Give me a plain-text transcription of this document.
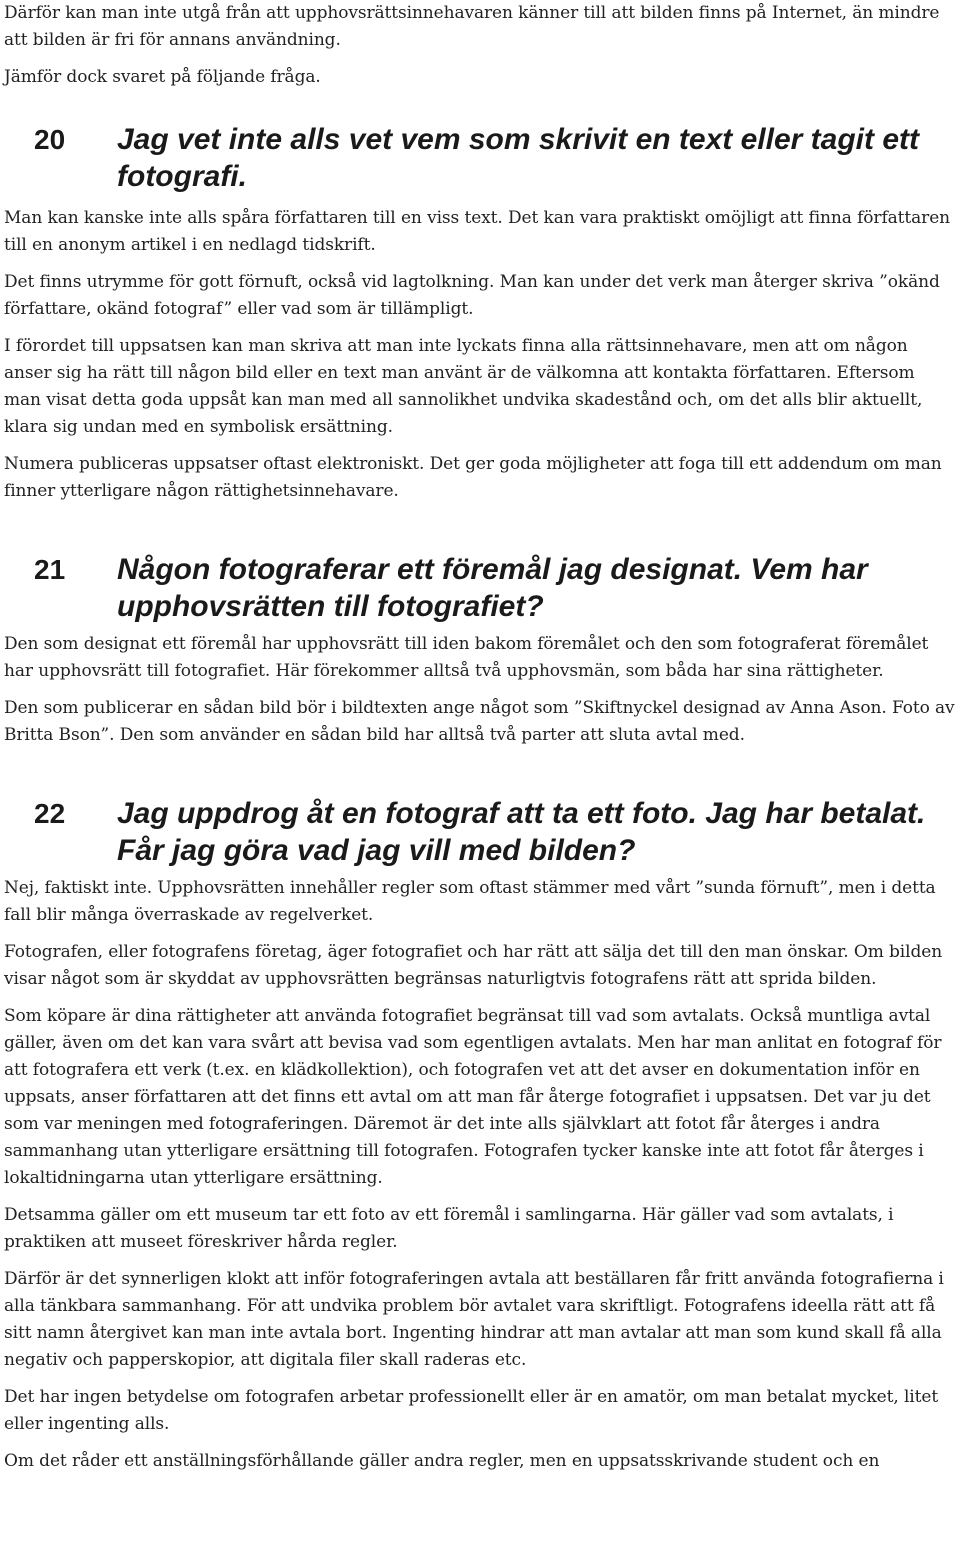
Därför kan man inte utgå från att upphovsrättsinnehavaren känner till att bilden finns på Internet, än mindre att bilden är fri för annans användning.

Jämför dock svaret på följande fråga.

20 Jag vet inte alls vet vem som skrivit en text eller tagit ett fotografi.

Man kan kanske inte alls spåra författaren till en viss text. Det kan vara praktiskt omöjligt att finna författaren till en anonym artikel i en nedlagd tidskrift.

Det finns utrymme för gott förnuft, också vid lagtolkning. Man kan under det verk man återger skriva ”okänd författare, okänd fotograf” eller vad som är tillämpligt.

I förordet till uppsatsen kan man skriva att man inte lyckats finna alla rättsinnehavare, men att om någon anser sig ha rätt till någon bild eller en text man använt är de välkomna att kontakta författaren. Eftersom man visat detta goda uppsåt kan man med all sannolikhet undvika skadestånd och, om det alls blir aktuellt, klara sig undan med en symbolisk ersättning.

Numera publiceras uppsatser oftast elektroniskt. Det ger goda möjligheter att foga till ett addendum om man finner ytterligare någon rättighetsinnehavare.

21 Någon fotograferar ett föremål jag designat. Vem har upphovsrätten till fotografiet?

Den som designat ett föremål har upphovsrätt till iden bakom föremålet och den som fotograferat föremålet har upphovsrätt till fotografiet. Här förekommer alltså två upphovsmän, som båda har sina rättigheter.

Den som publicerar en sådan bild bör i bildtexten ange något som ”Skiftnyckel designad av Anna Ason. Foto av Britta Bson”. Den som använder en sådan bild har alltså två parter att sluta avtal med.

22 Jag uppdrog åt en fotograf att ta ett foto. Jag har betalat. Får jag göra vad jag vill med bilden?

Nej, faktiskt inte. Upphovsrätten innehåller regler som oftast stämmer med vårt ”sunda förnuft”, men i detta fall blir många överraskade av regelverket.

Fotografen, eller fotografens företag, äger fotografiet och har rätt att sälja det till den man önskar. Om bilden visar något som är skyddat av upphovsrätten begränsas naturligtvis fotografens rätt att sprida bilden.

Som köpare är dina rättigheter att använda fotografiet begränsat till vad som avtalats. Också muntliga avtal gäller, även om det kan vara svårt att bevisa vad som egentligen avtalats. Men har man anlitat en fotograf för att fotografera ett verk (t.ex. en klädkollektion), och fotografen vet att det avser en dokumentation inför en uppsats, anser författaren att det finns ett avtal om att man får återge fotografiet i uppsatsen. Det var ju det som var meningen med fotograferingen. Däremot är det inte alls självklart att fotot får återges i andra sammanhang utan ytterligare ersättning till fotografen. Fotografen tycker kanske inte att fotot får återges i lokaltidningarna utan ytterligare ersättning.

Detsamma gäller om ett museum tar ett foto av ett föremål i samlingarna. Här gäller vad som avtalats, i praktiken att museet föreskriver hårda regler.

Därför är det synnerligen klokt att inför fotograferingen avtala att beställaren får fritt använda fotografierna i alla tänkbara sammanhang. För att undvika problem bör avtalet vara skriftligt. Fotografens ideella rätt att få sitt namn återgivet kan man inte avtala bort. Ingenting hindrar att man avtalar att man som kund skall få alla negativ och papperskopior, att digitala filer skall raderas etc.

Det har ingen betydelse om fotografen arbetar professionellt eller är en amatör, om man betalat mycket, litet eller ingenting alls.

Om det råder ett anställningsförhållande gäller andra regler, men en uppsatsskrivande student och en
